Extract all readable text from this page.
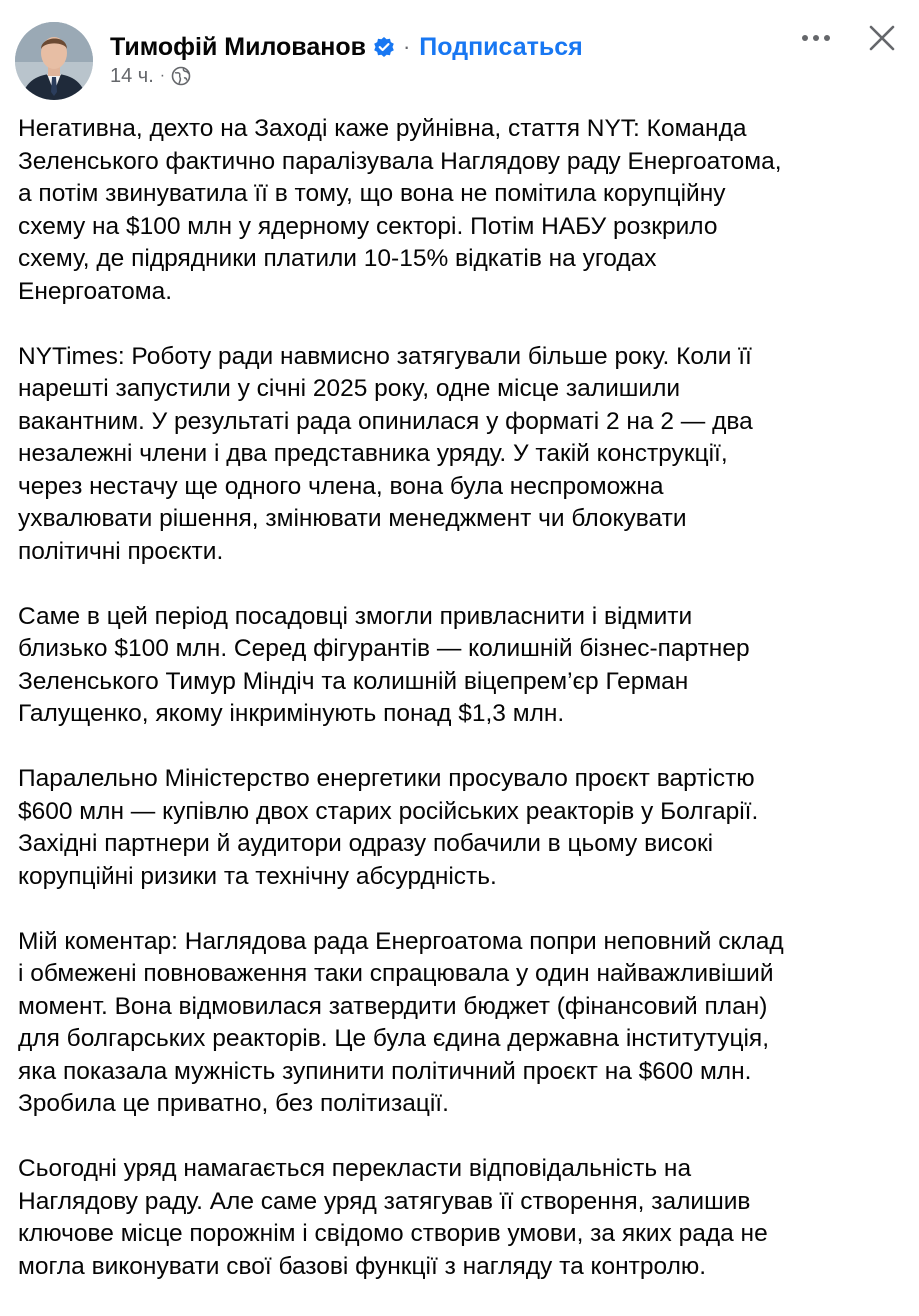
Тимофій Милованов · Подписаться
14 ч. ·

Негативна, дехто на Заході каже руйнівна, стаття NYT: Команда
Зеленського фактично паралізувала Наглядову раду Енергоатома,
а потім звинуватила її в тому, що вона не помітила корупційну
схему на $100 млн у ядерному секторі. Потім НАБУ розкрило
схему, де підрядники платили 10-15% відкатів на угодах
Енергоатома.

NYTimes: Роботу ради навмисно затягували більше року. Коли її
нарешті запустили у січні 2025 року, одне місце залишили
вакантним. У результаті рада опинилася у форматі 2 на 2 — два
незалежні члени і два представника уряду. У такій конструкції,
через нестачу ще одного члена, вона була неспроможна
ухвалювати рішення, змінювати менеджмент чи блокувати
політичні проєкти.

Саме в цей період посадовці змогли привласнити і відмити
близько $100 млн. Серед фігурантів — колишній бізнес-партнер
Зеленського Тимур Міндіч та колишній віцепрем’єр Герман
Галущенко, якому інкримінують понад $1,3 млн.

Паралельно Міністерство енергетики просувало проєкт вартістю
$600 млн — купівлю двох старих російських реакторів у Болгарії.
Західні партнери й аудитори одразу побачили в цьому високі
корупційні ризики та технічну абсурдність.

Мій коментар: Наглядова рада Енергоатома попри неповний склад
і обмежені повноваження таки спрацювала у один найважливіший
момент. Вона відмовилася затвердити бюджет (фінансовий план)
для болгарських реакторів. Це була єдина державна інститутуція,
яка показала мужність зупинити політичний проєкт на $600 млн.
Зробила це приватно, без політизації.

Сьогодні уряд намагається перекласти відповідальність на
Наглядову раду. Але саме уряд затягував її створення, залишив
ключове місце порожнім і свідомо створив умови, за яких рада не
могла виконувати свої базові функції з нагляду та контролю.
